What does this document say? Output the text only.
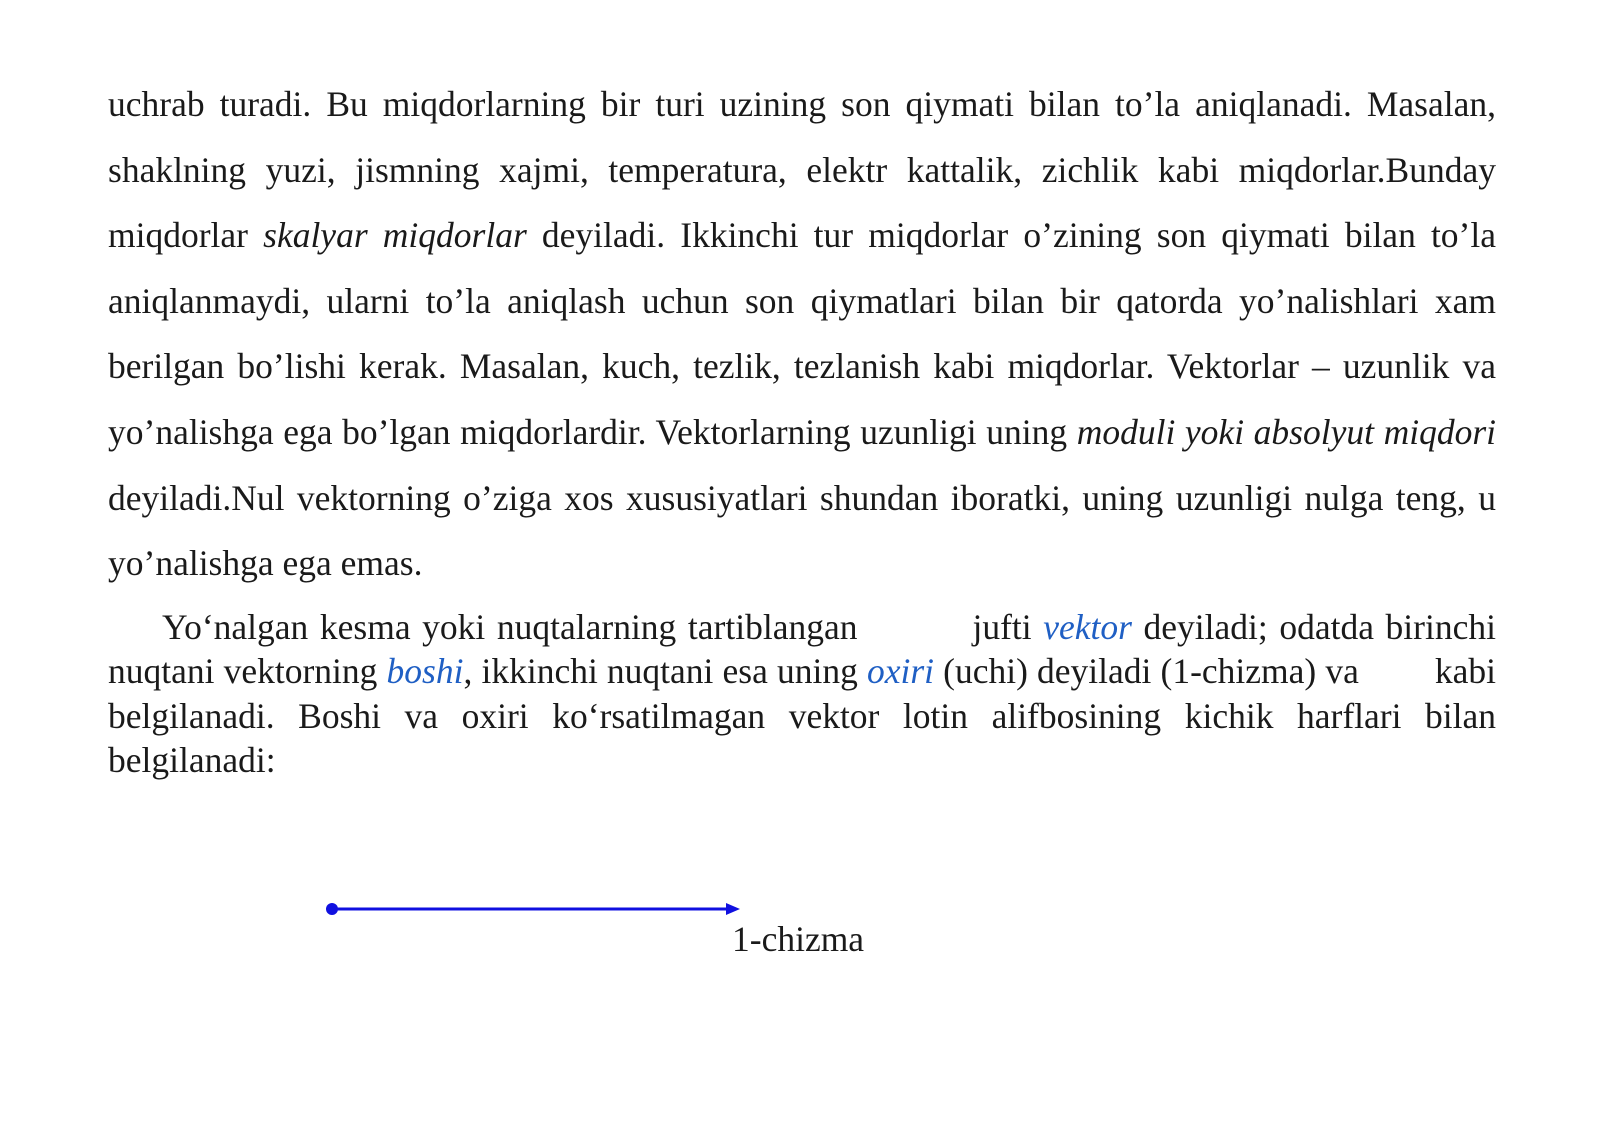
uchrab turadi. Bu miqdorlarning bir turi uzining son qiymati bilan to’la aniqlanadi. Masalan, shaklning yuzi, jismning xajmi, temperatura, elektr kattalik, zichlik kabi miqdorlar.Bunday miqdorlar skalyar miqdorlar deyiladi. Ikkinchi tur miqdorlar o’zining son qiymati bilan to’la aniqlanmaydi, ularni to’la aniqlash uchun son qiymatlari bilan bir qatorda yo’nalishlari xam berilgan bo’lishi kerak. Masalan, kuch, tezlik, tezlanish kabi miqdorlar. Vektorlar – uzunlik va yo’nalishga ega bo’lgan miqdorlardir. Vektorlarning uzunligi uning moduli yoki absolyut miqdori deyiladi.Nul vektorning o’ziga xos xususiyatlari shundan iboratki, uning uzunligi nulga teng, u yo’nalishga ega emas.

Yo‘nalgan kesma yoki nuqtalarning tartiblangan	jufti vektor deyiladi; odatda birinchi nuqtani vektorning boshi, ikkinchi nuqtani esa uning oxiri (uchi) deyiladi (1-chizma) va kabi belgilanadi. Boshi va oxiri ko‘rsatilmagan vektor lotin alifbosining kichik harflari bilan belgilanadi:

1-chizma
